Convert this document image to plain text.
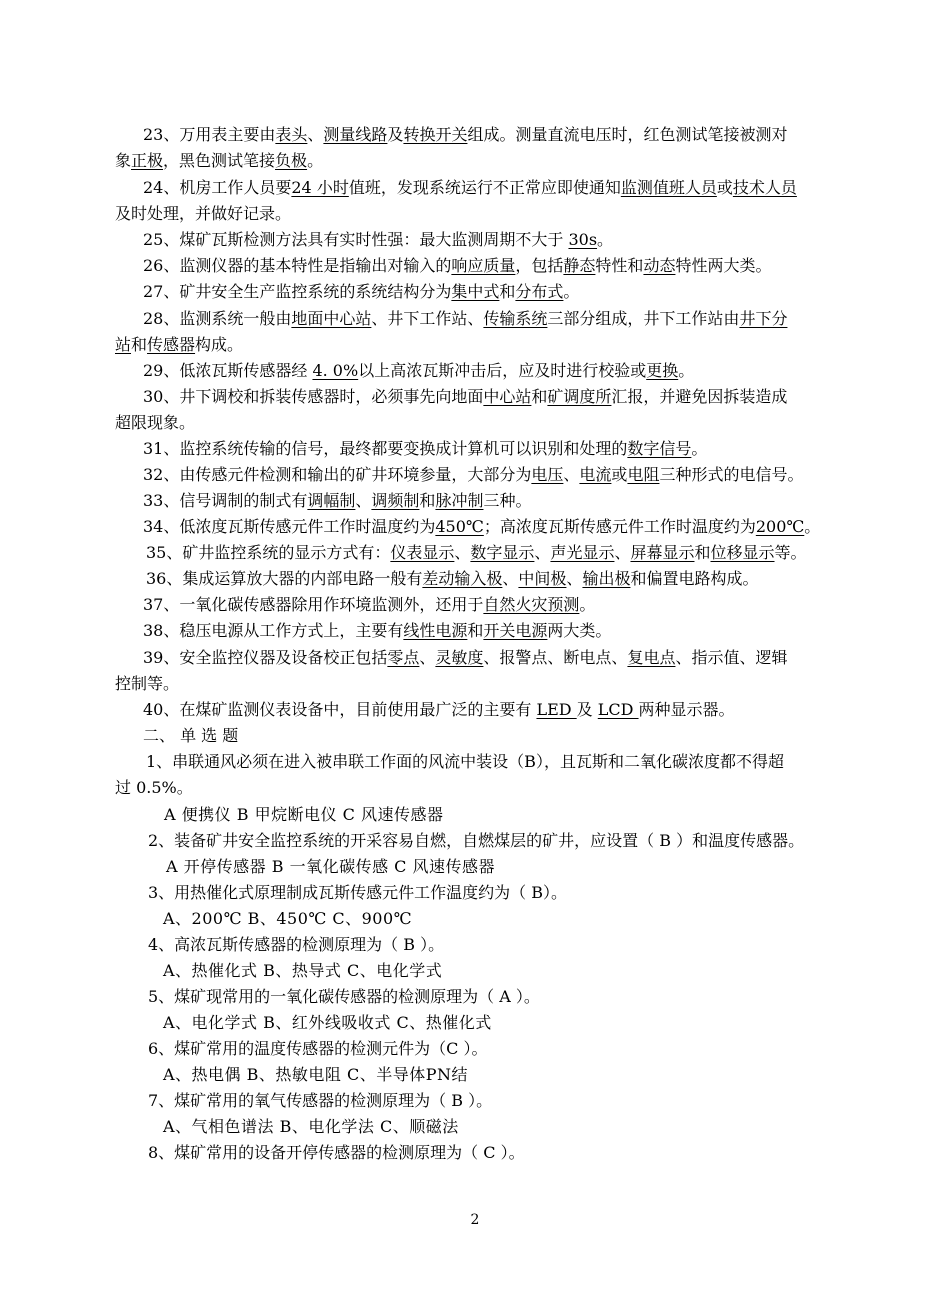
23、万用表主要由表头、测量线路及转换开关组成。测量直流电压时，红色测试笔接被测对
象正极，黑色测试笔接负极。
24、机房工作人员要24 小时值班，发现系统运行不正常应即使通知监测值班人员或技术人员
及时处理，并做好记录。
25、煤矿瓦斯检测方法具有实时性强：最大监测周期不大于 30s。
26、监测仪器的基本特性是指输出对输入的响应质量，包括静态特性和动态特性两大类。
27、矿井安全生产监控系统的系统结构分为集中式和分布式。
28、监测系统一般由地面中心站、井下工作站、传输系统三部分组成，井下工作站由井下分
站和传感器构成。
29、低浓瓦斯传感器经 4. 0%以上高浓瓦斯冲击后，应及时进行校验或更换。
30、井下调校和拆装传感器时，必须事先向地面中心站和矿调度所汇报，并避免因拆装造成
超限现象。
31、监控系统传输的信号，最终都要变换成计算机可以识别和处理的数字信号。
32、由传感元件检测和输出的矿井环境参量，大部分为电压、电流或电阻三种形式的电信号。
33、信号调制的制式有调幅制、调频制和脉冲制三种。
34、低浓度瓦斯传感元件工作时温度约为450℃；高浓度瓦斯传感元件工作时温度约为200℃。
35、矿井监控系统的显示方式有：仪表显示、数字显示、声光显示、屏幕显示和位移显示等。
36、集成运算放大器的内部电路一般有差动输入极、中间极、输出极和偏置电路构成。
37、一氧化碳传感器除用作环境监测外，还用于自然火灾预测。
38、稳压电源从工作方式上，主要有线性电源和开关电源两大类。
39、安全监控仪器及设备校正包括零点、灵敏度、报警点、断电点、复电点、指示值、逻辑
控制等。
40、在煤矿监测仪表设备中，目前使用最广泛的主要有 LED 及 LCD 两种显示器。
二、 单 选 题
1、串联通风必须在进入被串联工作面的风流中装设（B），且瓦斯和二氧化碳浓度都不得超
过 0.5%。
A 便携仪 B 甲烷断电仪 C 风速传感器
2、装备矿井安全监控系统的开采容易自燃，自燃煤层的矿井，应设置（ B ）和温度传感器。
A 开停传感器 B 一氧化碳传感 C 风速传感器
3、用热催化式原理制成瓦斯传感元件工作温度约为（ B）。
A、200℃ B、450℃ C、900℃
4、高浓瓦斯传感器的检测原理为（ B ）。
A、热催化式 B、热导式 C、电化学式
5、煤矿现常用的一氧化碳传感器的检测原理为（ A ）。
A、电化学式 B、红外线吸收式 C、热催化式
6、煤矿常用的温度传感器的检测元件为（C ）。
A、热电偶 B、热敏电阻 C、半导体PN结
7、煤矿常用的氧气传感器的检测原理为（ B ）。
A、气相色谱法 B、电化学法 C、顺磁法
8、煤矿常用的设备开停传感器的检测原理为（ C ）。
2
